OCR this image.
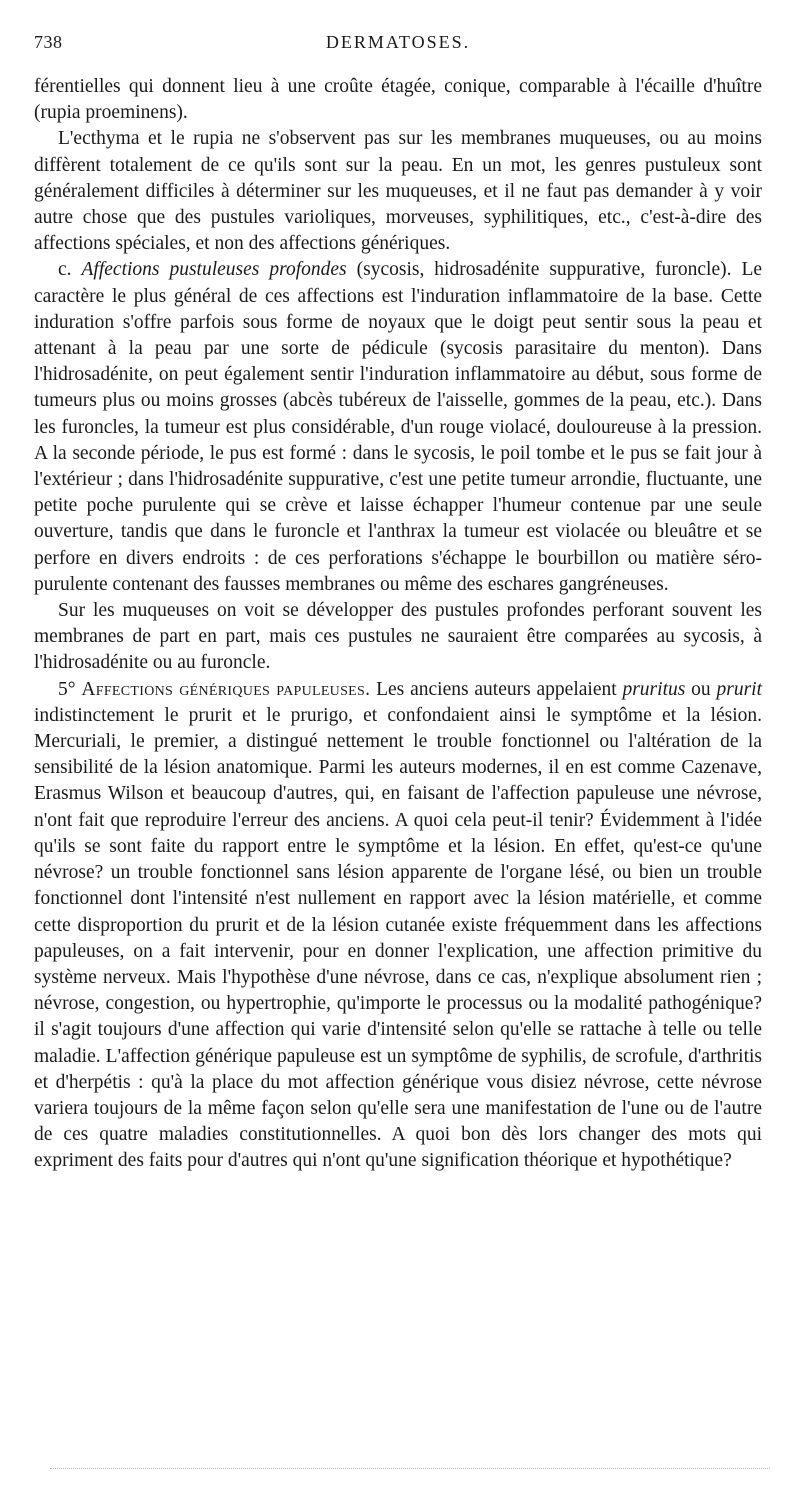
738	DERMATOSES.

férentielles qui donnent lieu à une croûte étagée, conique, comparable à l'écaille d'huître (rupia proeminens).

L'ecthyma et le rupia ne s'observent pas sur les membranes muqueuses, ou au moins diffèrent totalement de ce qu'ils sont sur la peau. En un mot, les genres pustuleux sont généralement difficiles à déterminer sur les muqueuses, et il ne faut pas demander à y voir autre chose que des pustules varioliques, morveuses, syphilitiques, etc., c'est-à-dire des affections spéciales, et non des affections génériques.

c. Affections pustuleuses profondes (sycosis, hidrosadénite suppurative, furoncle). Le caractère le plus général de ces affections est l'induration inflammatoire de la base. Cette induration s'offre parfois sous forme de noyaux que le doigt peut sentir sous la peau et attenant à la peau par une sorte de pédicule (sycosis parasitaire du menton). Dans l'hidrosadénite, on peut également sentir l'induration inflammatoire au début, sous forme de tumeurs plus ou moins grosses (abcès tubéreux de l'aisselle, gommes de la peau, etc.). Dans les furoncles, la tumeur est plus considérable, d'un rouge violacé, douloureuse à la pression. A la seconde période, le pus est formé : dans le sycosis, le poil tombe et le pus se fait jour à l'extérieur ; dans l'hidrosadénite suppurative, c'est une petite tumeur arrondie, fluctuante, une petite poche purulente qui se crève et laisse échapper l'humeur contenue par une seule ouverture, tandis que dans le furoncle et l'anthrax la tumeur est violacée ou bleuâtre et se perfore en divers endroits : de ces perforations s'échappe le bourbillon ou matière séro-purulente contenant des fausses membranes ou même des eschares gangréneuses.

Sur les muqueuses on voit se développer des pustules profondes perforant souvent les membranes de part en part, mais ces pustules ne sauraient être comparées au sycosis, à l'hidrosadénite ou au furoncle.

5° Affections génériques papuleuses. Les anciens auteurs appelaient pruritus ou prurit indistinctement le prurit et le prurigo, et confondaient ainsi le symptôme et la lésion. Mercuriali, le premier, a distingué nettement le trouble fonctionnel ou l'altération de la sensibilité de la lésion anatomique. Parmi les auteurs modernes, il en est comme Cazenave, Erasmus Wilson et beaucoup d'autres, qui, en faisant de l'affection papuleuse une névrose, n'ont fait que reproduire l'erreur des anciens. A quoi cela peut-il tenir? Évidemment à l'idée qu'ils se sont faite du rapport entre le symptôme et la lésion. En effet, qu'est-ce qu'une névrose? un trouble fonctionnel sans lésion apparente de l'organe lésé, ou bien un trouble fonctionnel dont l'intensité n'est nullement en rapport avec la lésion matérielle, et comme cette disproportion du prurit et de la lésion cutanée existe fréquemment dans les affections papuleuses, on a fait intervenir, pour en donner l'explication, une affection primitive du système nerveux. Mais l'hypothèse d'une névrose, dans ce cas, n'explique absolument rien ; névrose, congestion, ou hypertrophie, qu'importe le processus ou la modalité pathogénique? il s'agit toujours d'une affection qui varie d'intensité selon qu'elle se rattache à telle ou telle maladie. L'affection générique papuleuse est un symptôme de syphilis, de scrofule, d'arthritis et d'herpétis : qu'à la place du mot affection générique vous disiez névrose, cette névrose variera toujours de la même façon selon qu'elle sera une manifestation de l'une ou de l'autre de ces quatre maladies constitutionnelles. A quoi bon dès lors changer des mots qui expriment des faits pour d'autres qui n'ont qu'une signification théorique et hypothétique?
